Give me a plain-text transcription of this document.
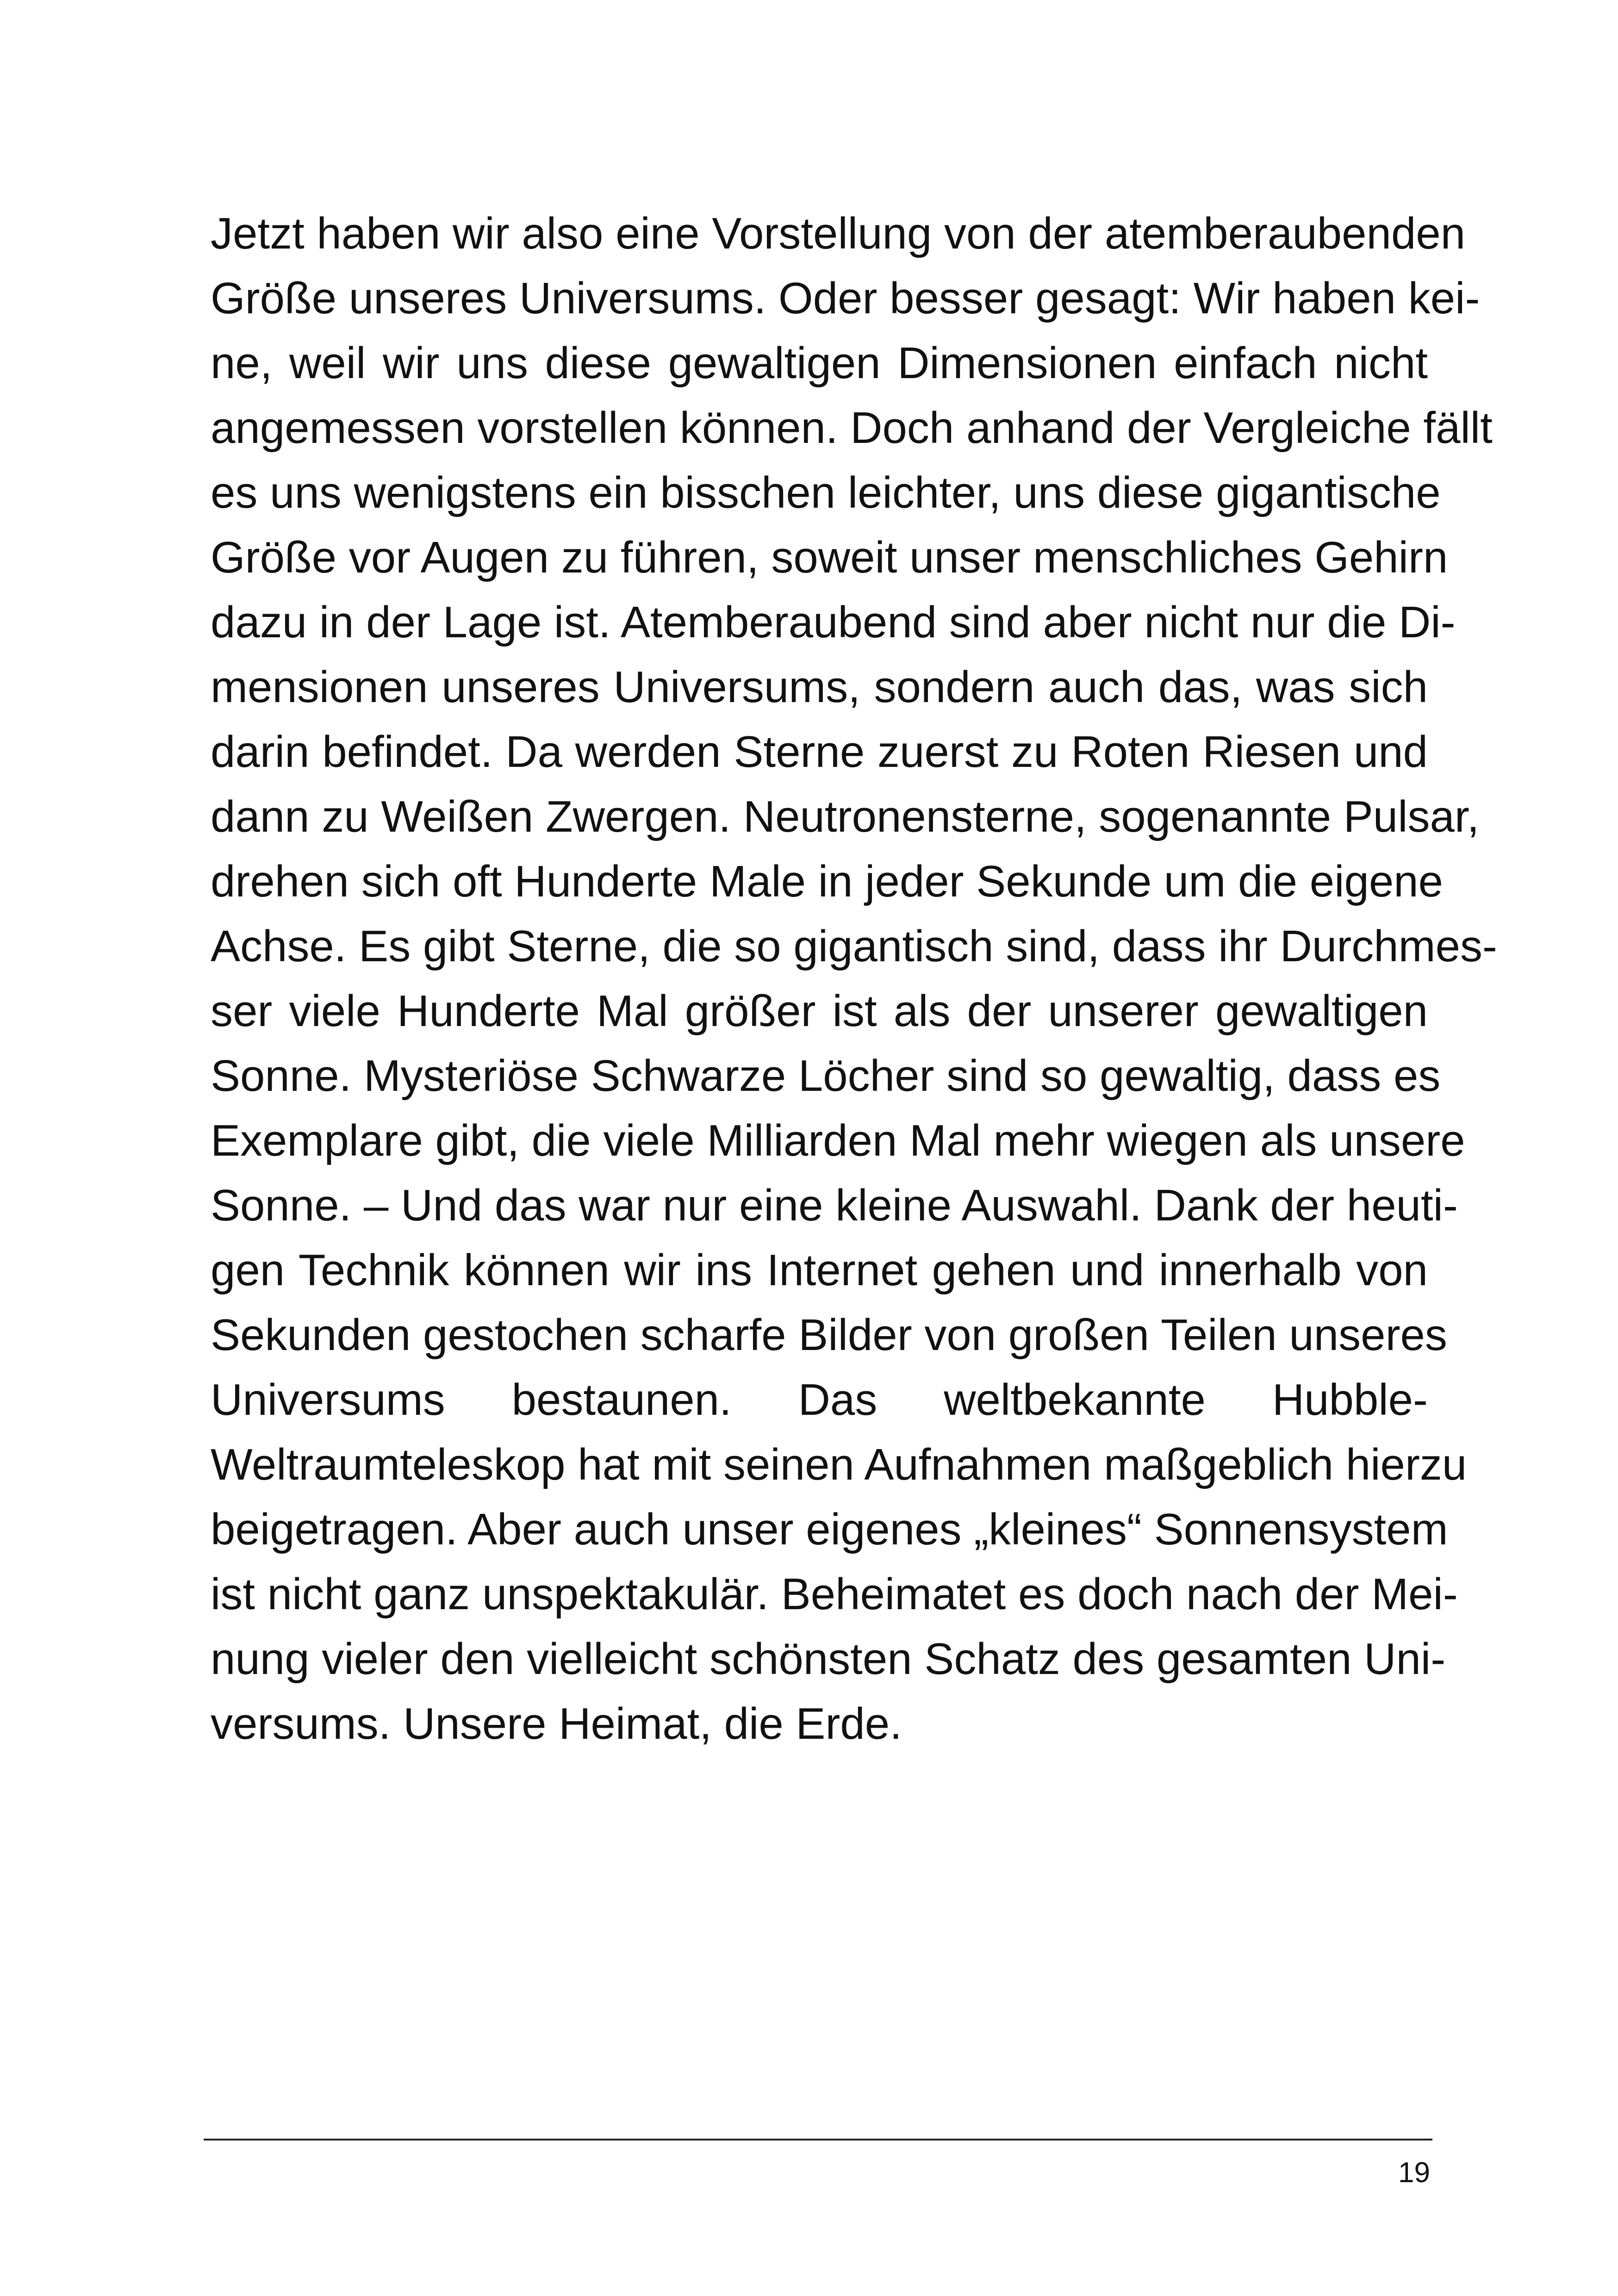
Jetzt haben wir also eine Vorstellung von der atemberaubenden
Größe unseres Universums. Oder besser gesagt: Wir haben kei-
ne, weil wir uns diese gewaltigen Dimensionen einfach nicht
angemessen vorstellen können. Doch anhand der Vergleiche fällt
es uns wenigstens ein bisschen leichter, uns diese gigantische
Größe vor Augen zu führen, soweit unser menschliches Gehirn
dazu in der Lage ist. Atemberaubend sind aber nicht nur die Di-
mensionen unseres Universums, sondern auch das, was sich
darin befindet. Da werden Sterne zuerst zu Roten Riesen und
dann zu Weißen Zwergen. Neutronensterne, sogenannte Pulsar,
drehen sich oft Hunderte Male in jeder Sekunde um die eigene
Achse. Es gibt Sterne, die so gigantisch sind, dass ihr Durchmes-
ser viele Hunderte Mal größer ist als der unserer gewaltigen
Sonne. Mysteriöse Schwarze Löcher sind so gewaltig, dass es
Exemplare gibt, die viele Milliarden Mal mehr wiegen als unsere
Sonne. – Und das war nur eine kleine Auswahl. Dank der heuti-
gen Technik können wir ins Internet gehen und innerhalb von
Sekunden gestochen scharfe Bilder von großen Teilen unseres
Universums bestaunen. Das weltbekannte Hubble-
Weltraumteleskop hat mit seinen Aufnahmen maßgeblich hierzu
beigetragen. Aber auch unser eigenes „kleines“ Sonnensystem
ist nicht ganz unspektakulär. Beheimatet es doch nach der Mei-
nung vieler den vielleicht schönsten Schatz des gesamten Uni-
versums. Unsere Heimat, die Erde.
19
